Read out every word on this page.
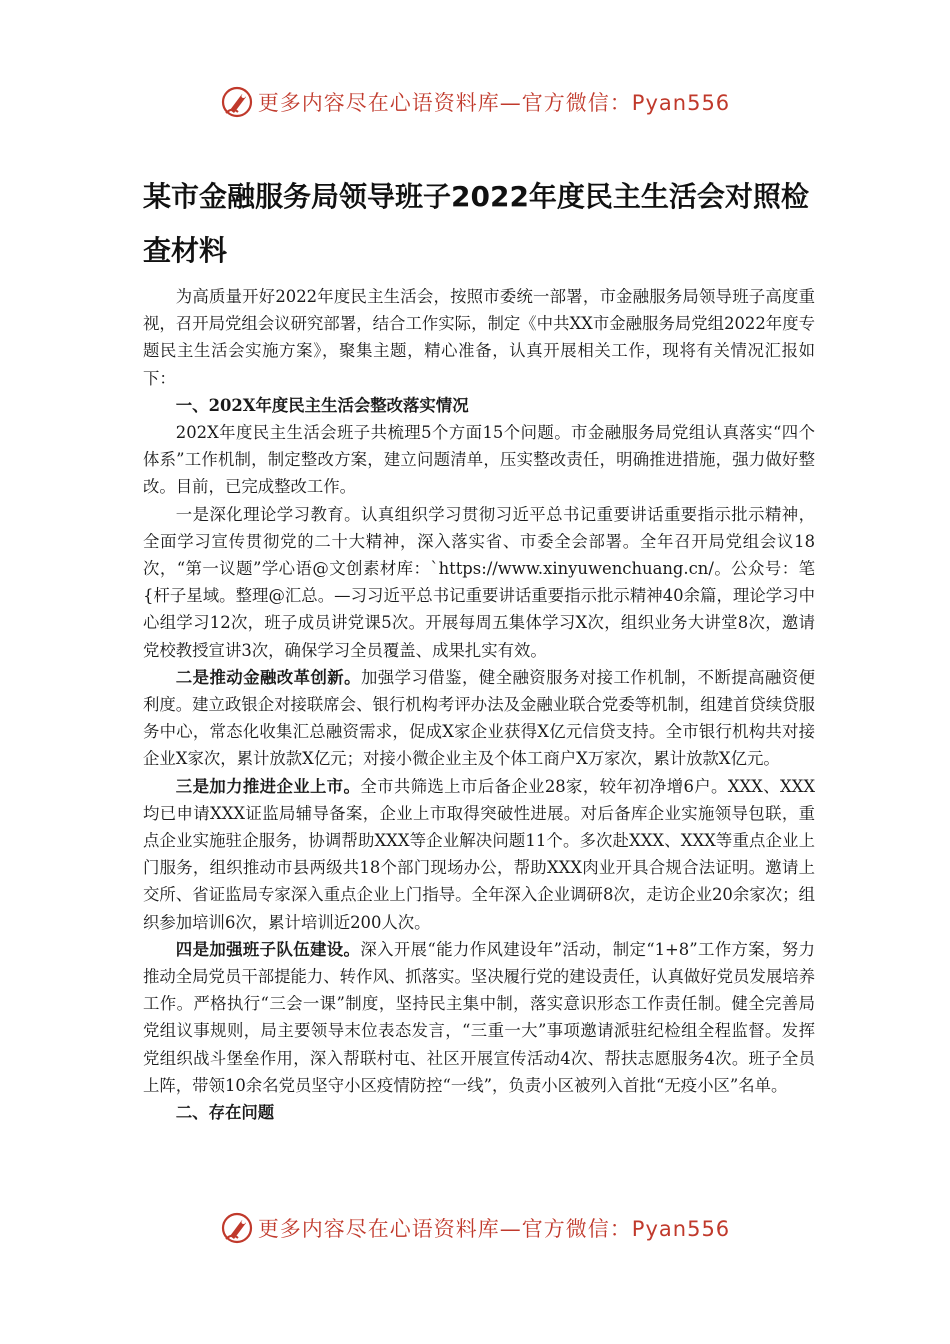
更多内容尽在心语资料库—官方微信：Pyan556
某市金融服务局领导班子2022年度民主生活会对照检查材料

为高质量开好2022年度民主生活会，按照市委统一部署，市金融服务局领导班子高度重视，召开局党组会议研究部署，结合工作实际，制定《中共XX市金融服务局党组2022年度专题民主生活会实施方案》，聚集主题，精心准备，认真开展相关工作，现将有关情况汇报如下：

一、202X年度民主生活会整改落实情况

202X年度民主生活会班子共梳理5个方面15个问题。市金融服务局党组认真落实“四个体系”工作机制，制定整改方案，建立问题清单，压实整改责任，明确推进措施，强力做好整改。目前，已完成整改工作。

一是深化理论学习教育。认真组织学习贯彻习近平总书记重要讲话重要指示批示精神，全面学习宣传贯彻党的二十大精神，深入落实省、市委全会部署。全年召开局党组会议18次，“第一议题”学心语@文创素材库：`https://www.xinyuwenchuang.cn/。公众号：笔{杆子星域。整理@汇总。—习习近平总书记重要讲话重要指示批示精神40余篇，理论学习中心组学习12次，班子成员讲党课5次。开展每周五集体学习X次，组织业务大讲堂8次，邀请党校教授宣讲3次，确保学习全员覆盖、成果扎实有效。

二是推动金融改革创新。加强学习借鉴，健全融资服务对接工作机制，不断提高融资便利度。建立政银企对接联席会、银行机构考评办法及金融业联合党委等机制，组建首贷续贷服务中心，常态化收集汇总融资需求，促成X家企业获得X亿元信贷支持。全市银行机构共对接企业X家次，累计放款X亿元；对接小微企业主及个体工商户X万家次，累计放款X亿元。

三是加力推进企业上市。全市共筛选上市后备企业28家，较年初净增6户。XXX、XXX均已申请XXX证监局辅导备案，企业上市取得突破性进展。对后备库企业实施领导包联，重点企业实施驻企服务，协调帮助XXX等企业解决问题11个。多次赴XXX、XXX等重点企业上门服务，组织推动市县两级共18个部门现场办公，帮助XXX肉业开具合规合法证明。邀请上交所、省证监局专家深入重点企业上门指导。全年深入企业调研8次，走访企业20余家次；组织参加培训6次，累计培训近200人次。

四是加强班子队伍建设。深入开展“能力作风建设年”活动，制定“1+8”工作方案，努力推动全局党员干部提能力、转作风、抓落实。坚决履行党的建设责任，认真做好党员发展培养工作。严格执行“三会一课”制度，坚持民主集中制，落实意识形态工作责任制。健全完善局党组议事规则，局主要领导末位表态发言，“三重一大”事项邀请派驻纪检组全程监督。发挥党组织战斗堡垒作用，深入帮联村屯、社区开展宣传活动4次、帮扶志愿服务4次。班子全员上阵，带领10余名党员坚守小区疫情防控“一线”，负责小区被列入首批“无疫小区”名单。

二、存在问题

更多内容尽在心语资料库—官方微信：Pyan556
